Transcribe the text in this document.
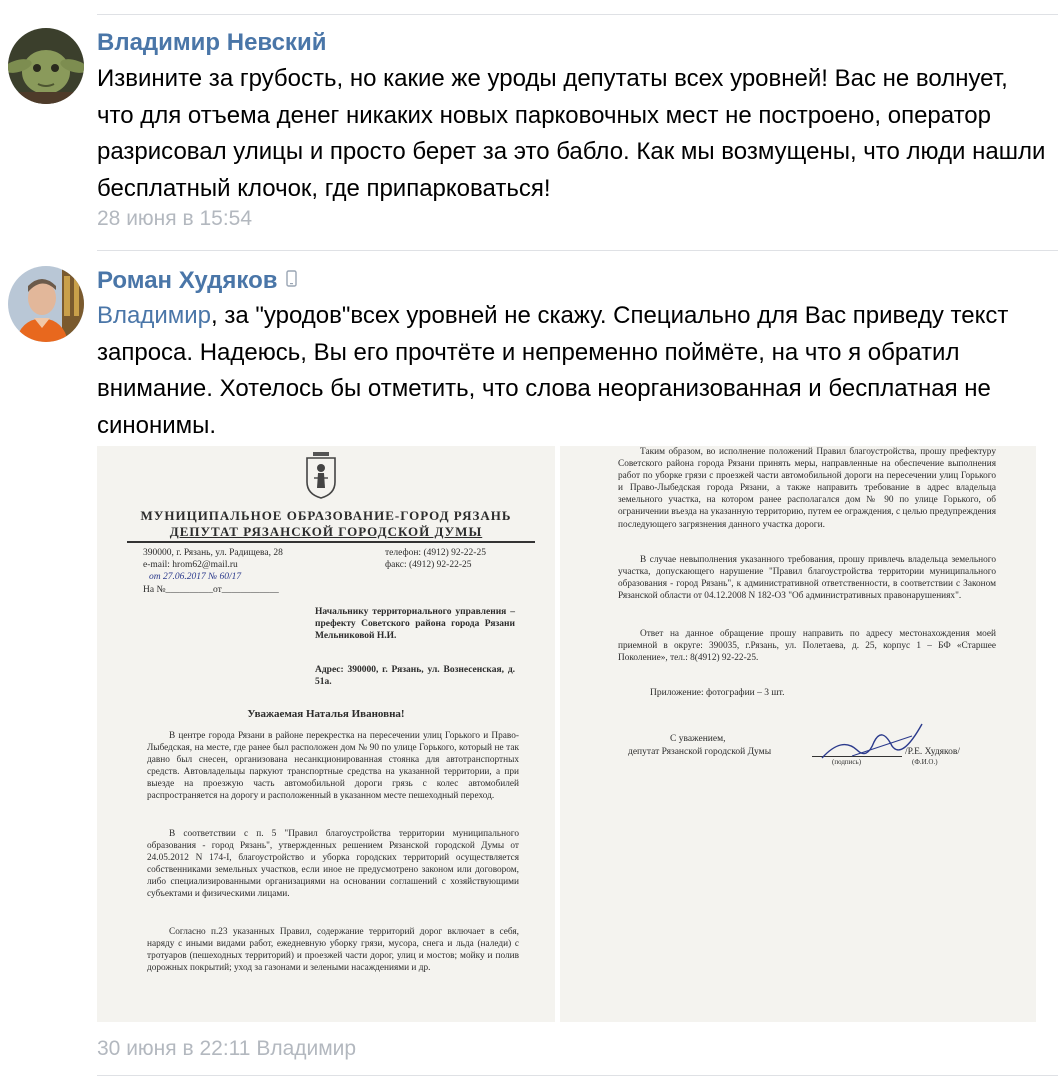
Владимир Невский
Извините за грубость, но какие же уроды депутаты всех уровней! Вас не волнует, что для отъема денег никаких новых парковочных мест не построено, оператор разрисовал улицы и просто берет за это бабло. Как мы возмущены, что люди нашли бесплатный клочок, где припарковаться!
28 июня в 15:54
Роман Худяков
Владимир, за "уродов"всех уровней не скажу. Специально для Вас приведу текст запроса. Надеюсь, Вы его прочтёте и непременно поймёте, на что я обратил внимание. Хотелось бы отметить, что слова неорганизованная и бесплатная не синонимы.
МУНИЦИПАЛЬНОЕ ОБРАЗОВАНИЕ-ГОРОД РЯЗАНЬ
ДЕПУТАТ РЯЗАНСКОЙ ГОРОДСКОЙ ДУМЫ
390000, г. Рязань, ул. Радищева, 28
e-mail: hrom62@mail.ru
от 27.06.2017 № 60/17
На №__________от____________
телефон: (4912) 92-22-25
факс: (4912) 92-22-25
Начальнику территориального управления – префекту Советского района города Рязани Мельниковой Н.И.
Адрес: 390000, г. Рязань, ул. Вознесенская, д. 51а.
Уважаемая Наталья Ивановна!

В центре города Рязани в районе перекрестка на пересечении улиц Горького и Право-Лыбедская, на месте, где ранее был расположен дом № 90 по улице Горького, который не так давно был снесен, организована несанкционированная стоянка для автотранспортных средств. Автовладельцы паркуют транспортные средства на указанной территории, а при выезде на проезжую часть автомобильной дороги грязь с колес автомобилей распространяется на дорогу и расположенный в указанном месте пешеходный переход.

В соответствии с п. 5 "Правил благоустройства территории муниципального образования - город Рязань", утвержденных решением Рязанской городской Думы от 24.05.2012 N 174-I, благоустройство и уборка городских территорий осуществляется собственниками земельных участков, если иное не предусмотрено законом или договором, либо специализированными организациями на основании соглашений с хозяйствующими субъектами и физическими лицами.

Согласно п.23 указанных Правил, содержание территорий дорог включает в себя, наряду с иными видами работ, ежедневную уборку грязи, мусора, снега и льда (наледи) с тротуаров (пешеходных территорий) и проезжей части дорог, улиц и мостов; мойку и полив дорожных покрытий; уход за газонами и зелеными насаждениями и др.

Таким образом, во исполнение положений Правил благоустройства, прошу префектуру Советского района города Рязани принять меры, направленные на обеспечение выполнения работ по уборке грязи с проезжей части автомобильной дороги на пересечении улиц Горького и Право-Лыбедская города Рязани, а также направить требование в адрес владельца земельного участка, на котором ранее располагался дом № 90 по улице Горького, об ограничении въезда на указанную территорию, путем ее ограждения, с целью предупреждения последующего загрязнения данного участка дороги.

В случае невыполнения указанного требования, прошу привлечь владельца земельного участка, допускающего нарушение "Правил благоустройства территории муниципального образования - город Рязань", к административной ответственности, в соответствии с Законом Рязанской области от 04.12.2008 N 182-ОЗ "Об административных правонарушениях".

Ответ на данное обращение прошу направить по адресу местонахождения моей приемной в округе: 390035, г.Рязань, ул. Полетаева, д. 25, корпус 1 – БФ «Старшее Поколение», тел.: 8(4912) 92-22-25.

Приложение: фотографии – 3 шт.
С уважением,
депутат Рязанской городской Думы	/Р.Е. Худяков/
(подпись)	(Ф.И.О.)
30 июня в 22:11 Владимир
